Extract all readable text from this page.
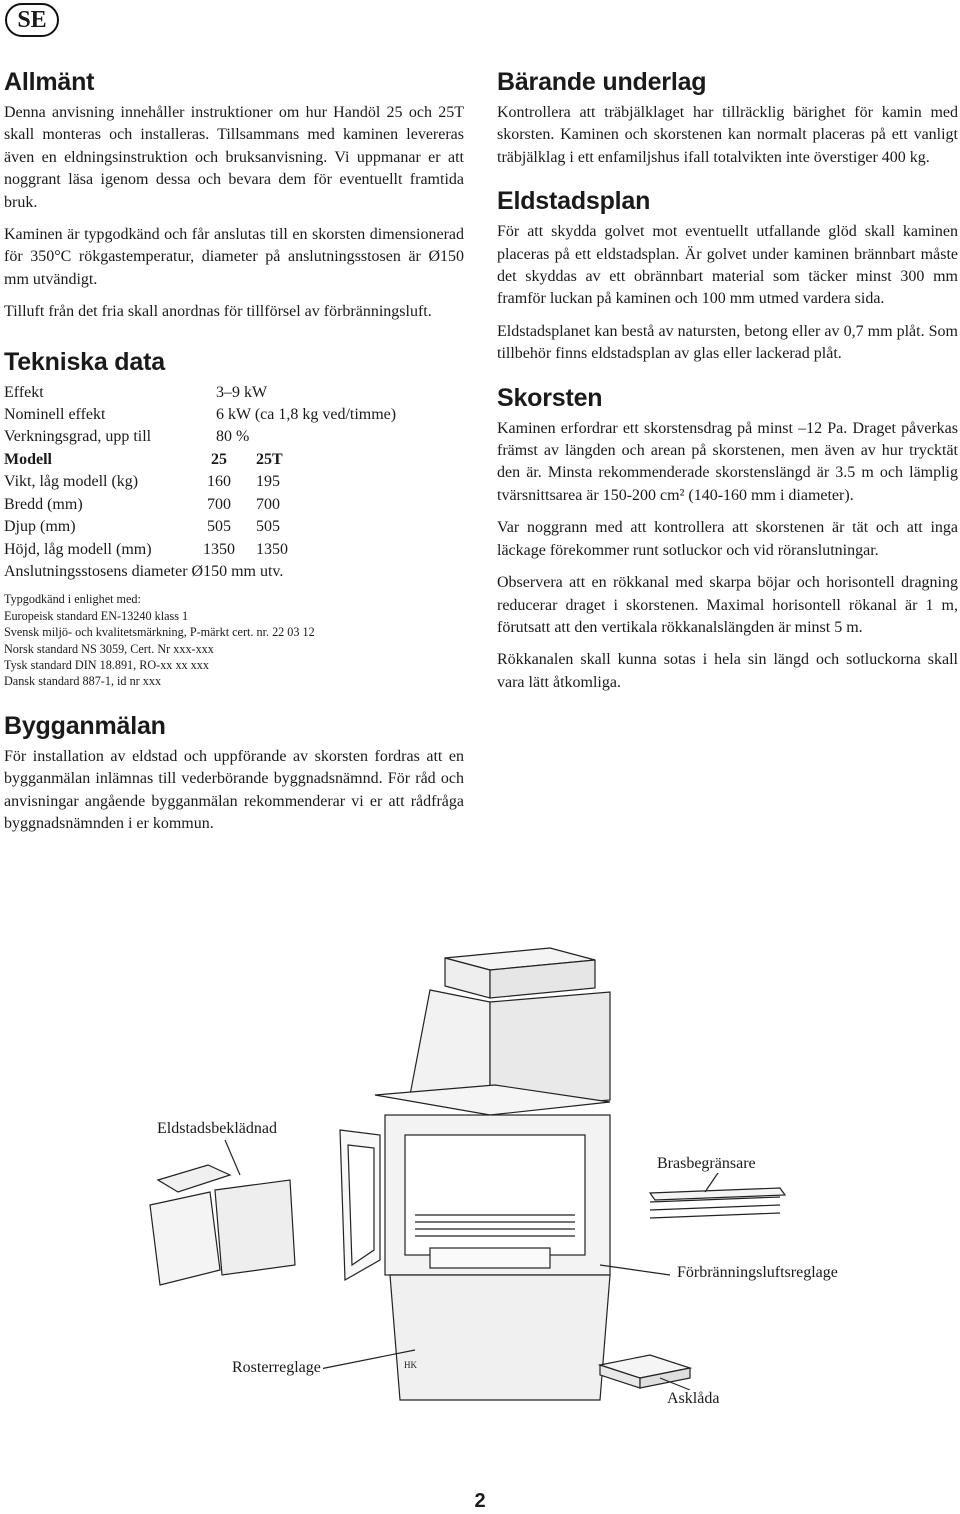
SE
Allmänt

Denna anvisning innehåller instruktioner om hur Handöl 25 och 25T skall monteras och installeras. Tillsammans med kaminen levereras även en eldningsinstruktion och bruksanvisning. Vi uppmanar er att noggrant läsa igenom dessa och bevara dem för eventuellt framtida bruk.

Kaminen är typgodkänd och får anslutas till en skorsten dimensionerad för 350°C rökgastemperatur, diameter på anslutningsstosen är Ø150 mm utvändigt.

Tilluft från det fria skall anordnas för tillförsel av förbränningsluft.

Tekniska data
Effekt	3–9 kW
Nominell effekt	6 kW (ca 1,8 kg ved/timme)
Verkningsgrad, upp till	80 %
Modell	25	25T
Vikt, låg modell (kg)	160	195
Bredd (mm)	700	700
Djup (mm)	505	505
Höjd, låg modell (mm)	1350	1350
Anslutningsstosens diameter Ø150 mm utv.
Typgodkänd i enlighet med:
Europeisk standard EN-13240 klass 1
Svensk miljö- och kvalitetsmärkning, P-märkt cert. nr. 22 03 12
Norsk standard NS 3059, Cert. Nr xxx-xxx
Tysk standard DIN 18.891, RO-xx xx xxx
Dansk standard 887-1, id nr xxx
Bygganmälan

För installation av eldstad och uppförande av skorsten fordras att en bygganmälan inlämnas till vederbörande byggnadsnämnd. För råd och anvisningar angående bygganmälan rekommenderar vi er att rådfråga byggnadsnämnden i er kommun.

Bärande underlag

Kontrollera att träbjälklaget har tillräcklig bärighet för kamin med skorsten. Kaminen och skorstenen kan normalt placeras på ett vanligt träbjälklag i ett enfamiljshus ifall totalvikten inte överstiger 400 kg.

Eldstadsplan

För att skydda golvet mot eventuellt utfallande glöd skall kaminen placeras på ett eldstadsplan. Är golvet under kaminen brännbart måste det skyddas av ett obrännbart material som täcker minst 300 mm framför luckan på kaminen och 100 mm utmed vardera sida.

Eldstadsplanet kan bestå av natursten, betong eller av 0,7 mm plåt. Som tillbehör finns eldstadsplan av glas eller lackerad plåt.

Skorsten

Kaminen erfordrar ett skorstensdrag på minst –12 Pa. Draget påverkas främst av längden och arean på skorstenen, men även av hur trycktät den är. Minsta rekommenderade skorstenslängd är 3.5 m och lämplig tvärsnittsarea är 150-200 cm² (140-160 mm i diameter).

Var noggrann med att kontrollera att skorstenen är tät och att inga läckage förekommer runt sotluckor och vid röranslutningar.

Observera att en rökkanal med skarpa böjar och horisontell dragning reducerar draget i skorstenen. Maximal horisontell rökanal är 1 m, förutsatt att den vertikala rökkanalslängden är minst 5 m.

Rökkanalen skall kunna sotas i hela sin längd och sotluckorna skall vara lätt åtkomliga.

Eldstadsbeklädnad
Brasbegränsare
Förbränningsluftsreglage
Rosterreglage
Asklåda
HK
2
